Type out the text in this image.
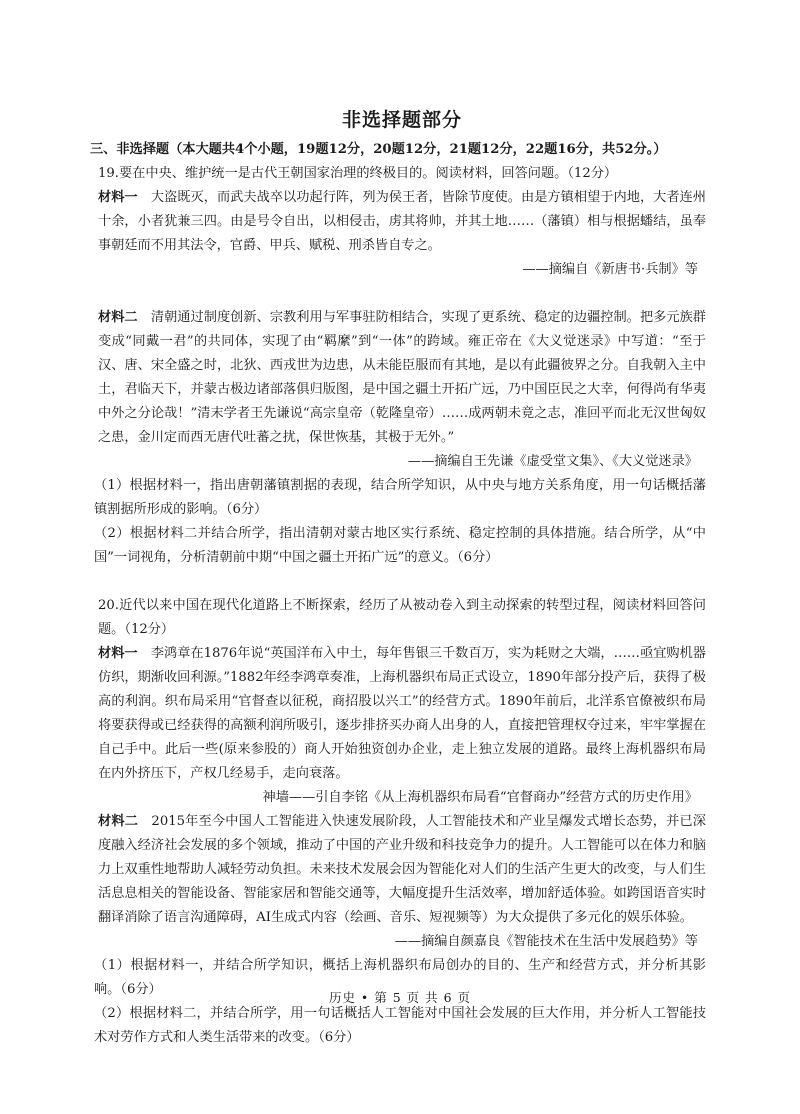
非选择题部分
三、非选择题（本大题共4个小题，19题12分，20题12分，21题12分，22题16分，共52分。）

19.要在中央、维护统一是古代王朝国家治理的终极目的。阅读材料，回答问题。（12分）

材料一　大盗既灭，而武夫战卒以功起行阵，列为侯王者，皆除节度使。由是方镇相望于内地，大者连州十余，小者犹兼三四。由是号令自出，以相侵击，虏其将帅，并其土地……（藩镇）相与根据蟠结，虽奉事朝廷而不用其法令，官爵、甲兵、赋税、刑杀皆自专之。

——摘编自《新唐书·兵制》等

材料二　清朝通过制度创新、宗教利用与军事驻防相结合，实现了更系统、稳定的边疆控制。把多元族群变成“同戴一君”的共同体，实现了由“羁縻”到“一体”的跨域。雍正帝在《大义觉迷录》中写道：“至于汉、唐、宋全盛之时，北狄、西戎世为边患，从未能臣服而有其地，是以有此疆彼界之分。自我朝入主中土，君临天下，并蒙古极边诸部落俱归版图，是中国之疆土开拓广远，乃中国臣民之大幸，何得尚有华夷中外之分论哉！”清末学者王先谦说“高宗皇帝（乾隆皇帝）……成两朝未竟之志，准回平而北无汉世匈奴之患，金川定而西无唐代吐蕃之扰，保世恢基，其极于无外。”

——摘编自王先谦《虚受堂文集》、《大义觉迷录》

（1）根据材料一，指出唐朝藩镇割据的表现，结合所学知识，从中央与地方关系角度，用一句话概括藩镇割据所形成的影响。（6分）

（2）根据材料二并结合所学，指出清朝对蒙古地区实行系统、稳定控制的具体措施。结合所学，从“中国”一词视角，分析清朝前中期“中国之疆土开拓广远”的意义。（6分）

20.近代以来中国在现代化道路上不断探索，经历了从被动卷入到主动探索的转型过程，阅读材料回答问题。（12分）

材料一　李鸿章在1876年说“英国洋布入中土，每年售银三千数百万，实为耗财之大端，……亟宜购机器仿织，期渐收回利源。”1882年经李鸿章奏准，上海机器织布局正式设立，1890年部分投产后，获得了极高的利润。织布局采用“官督查以征税，商招股以兴工”的经营方式。1890年前后，北洋系官僚被织布局将要获得或已经获得的高额利润所吸引，逐步排挤买办商人出身的人，直接把管理权夺过来，牢牢掌握在自己手中。此后一些(原来参股的）商人开始独资创办企业，走上独立发展的道路。最终上海机器织布局在内外挤压下，产权几经易手，走向衰落。

神墙——引自李铭《从上海机器织布局看“官督商办”经营方式的历史作用》

材料二　2015年至今中国人工智能进入快速发展阶段，人工智能技术和产业呈爆发式增长态势，并已深度融入经济社会发展的多个领域，推动了中国的产业升级和科技竞争力的提升。人工智能可以在体力和脑力上双重性地帮助人减轻劳动负担。未来技术发展会因为智能化对人们的生活产生更大的改变，与人们生活息息相关的智能设备、智能家居和智能交通等，大幅度提升生活效率，增加舒适体验。如跨国语音实时翻译消除了语言沟通障碍，AI生成式内容（绘画、音乐、短视频等）为大众提供了多元化的娱乐体验。

——摘编自颜嘉良《智能技术在生活中发展趋势》等

（1）根据材料一，并结合所学知识，概括上海机器织布局创办的目的、生产和经营方式，并分析其影响。（6分）

（2）根据材料二，并结合所学，用一句话概括人工智能对中国社会发展的巨大作用，并分析人工智能技术对劳作方式和人类生活带来的改变。（6分）

历史 • 第 5 页 共 6 页
